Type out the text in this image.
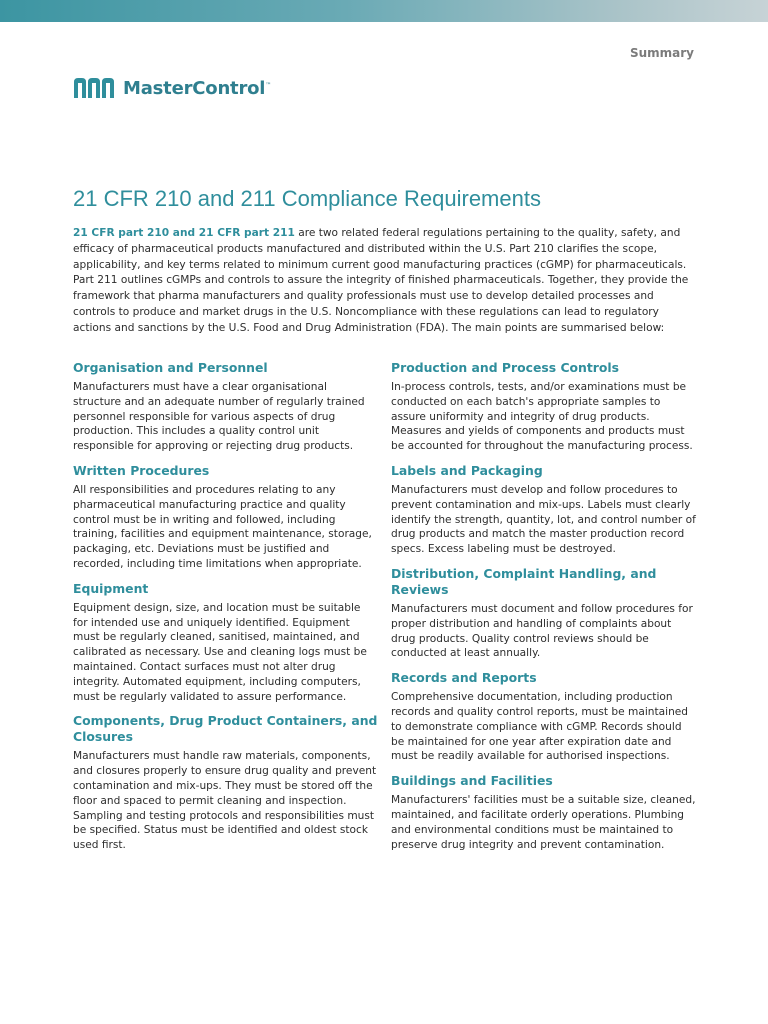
Summary
MasterControl™
21 CFR 210 and 211 Compliance Requirements

21 CFR part 210 and 21 CFR part 211 are two related federal regulations pertaining to the quality, safety, and efficacy of pharmaceutical products manufactured and distributed within the U.S. Part 210 clarifies the scope, applicability, and key terms related to minimum current good manufacturing practices (cGMP) for pharmaceuticals. Part 211 outlines cGMPs and controls to assure the integrity of finished pharmaceuticals. Together, they provide the framework that pharma manufacturers and quality professionals must use to develop detailed processes and controls to produce and market drugs in the U.S. Noncompliance with these regulations can lead to regulatory actions and sanctions by the U.S. Food and Drug Administration (FDA). The main points are summarised below:

Organisation and Personnel

Manufacturers must have a clear organisational structure and an adequate number of regularly trained personnel responsible for various aspects of drug production. This includes a quality control unit responsible for approving or rejecting drug products.

Written Procedures

All responsibilities and procedures relating to any pharmaceutical manufacturing practice and quality control must be in writing and followed, including training, facilities and equipment maintenance, storage, packaging, etc. Deviations must be justified and recorded, including time limitations when appropriate.

Equipment

Equipment design, size, and location must be suitable for intended use and uniquely identified. Equipment must be regularly cleaned, sanitised, maintained, and calibrated as necessary. Use and cleaning logs must be maintained. Contact surfaces must not alter drug integrity. Automated equipment, including computers, must be regularly validated to assure performance.

Components, Drug Product Containers, and Closures

Manufacturers must handle raw materials, components, and closures properly to ensure drug quality and prevent contamination and mix-ups. They must be stored off the floor and spaced to permit cleaning and inspection. Sampling and testing protocols and responsibilities must be specified. Status must be identified and oldest stock used first.

Production and Process Controls

In-process controls, tests, and/or examinations must be conducted on each batch's appropriate samples to assure uniformity and integrity of drug products. Measures and yields of components and products must be accounted for throughout the manufacturing process.

Labels and Packaging

Manufacturers must develop and follow procedures to prevent contamination and mix-ups. Labels must clearly identify the strength, quantity, lot, and control number of drug products and match the master production record specs. Excess labeling must be destroyed.

Distribution, Complaint Handling, and Reviews

Manufacturers must document and follow procedures for proper distribution and handling of complaints about drug products. Quality control reviews should be conducted at least annually.

Records and Reports

Comprehensive documentation, including production records and quality control reports, must be maintained to demonstrate compliance with cGMP. Records should be maintained for one year after expiration date and must be readily available for authorised inspections.

Buildings and Facilities

Manufacturers' facilities must be a suitable size, cleaned, maintained, and facilitate orderly operations. Plumbing and environmental conditions must be maintained to preserve drug integrity and prevent contamination.
